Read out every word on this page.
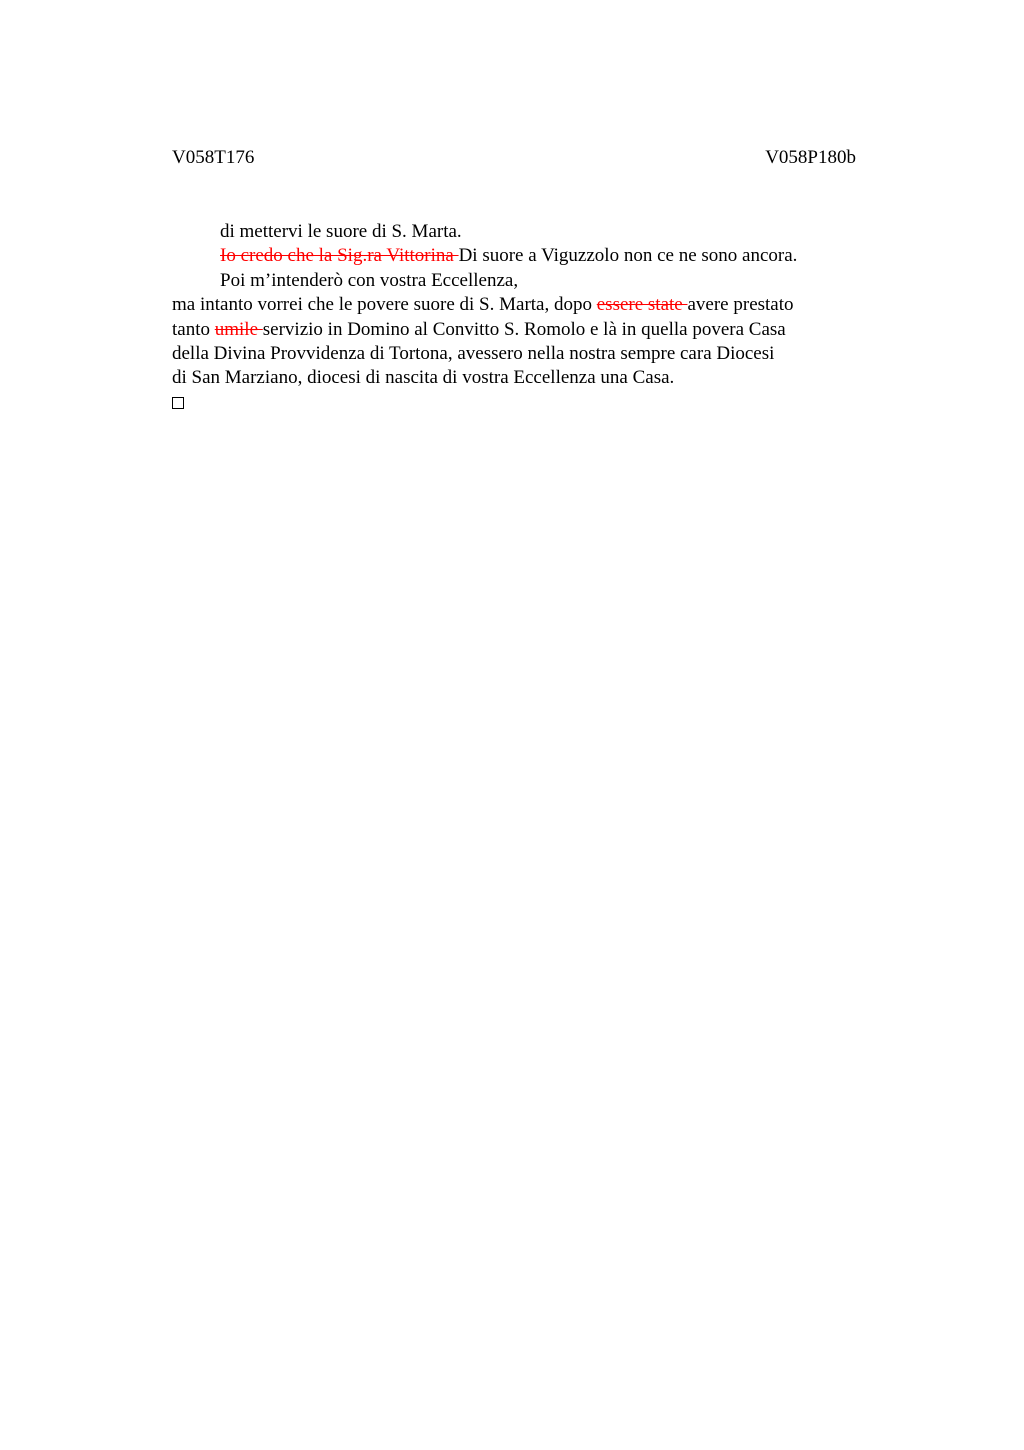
V058T176	V058P180b
di mettervi le suore di S. Marta.
Io credo che la Sig.ra Vittorina Di suore a Viguzzolo non ce ne sono ancora.
Poi m’intenderò con vostra Eccellenza,
ma intanto vorrei che le povere suore di S. Marta, dopo essere state avere prestato
tanto umile servizio in Domino al Convitto S. Romolo e là in quella povera Casa
della Divina Provvidenza di Tortona, avessero nella nostra sempre cara Diocesi
di San Marziano, diocesi di nascita di vostra Eccellenza una Casa.
